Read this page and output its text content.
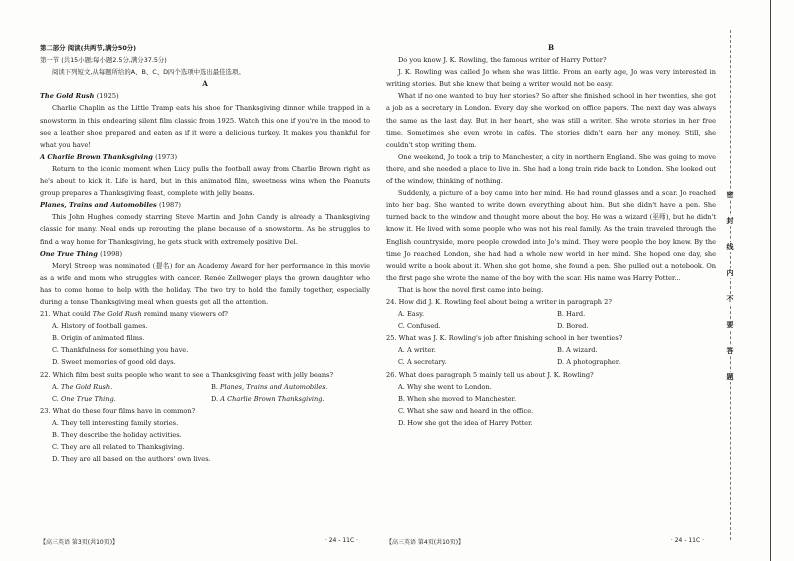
第二部分 阅读(共两节,满分50分)
第一节 (共15小题;每小题2.5分,满分37.5分)
阅读下列短文,从每题所给的A、B、C、D四个选项中选出最佳选项。
A
The Gold Rush (1925)
Charlie Chaplin as the Little Tramp eats his shoe for Thanksgiving dinner while trapped in a snowstorm in this endearing silent film classic from 1925. Watch this one if you're in the mood to see a leather shoe prepared and eaten as if it were a delicious turkey. It makes you thankful for what you have!
A Charlie Brown Thanksgiving (1973)
Return to the iconic moment when Lucy pulls the football away from Charlie Brown right as he's about to kick it. Life is hard, but in this animated film, sweetness wins when the Peanuts group prepares a Thanksgiving feast, complete with jelly beans.
Planes, Trains and Automobiles (1987)
This John Hughes comedy starring Steve Martin and John Candy is already a Thanksgiving classic for many. Neal ends up rerouting the plane because of a snowstorm. As he struggles to find a way home for Thanksgiving, he gets stuck with extremely positive Del.
One True Thing (1998)
Meryl Streep was nominated (提名) for an Academy Award for her performance in this movie as a wife and mom who struggles with cancer. Renée Zellweger plays the grown daughter who has to come home to help with the holiday. The two try to hold the family together, especially during a tense Thanksgiving meal when guests get all the attention.
21. What could The Gold Rush remind many viewers of?
A. History of football games.
B. Origin of animated films.
C. Thankfulness for something you have.
D. Sweet memories of good old days.
22. Which film best suits people who want to see a Thanksgiving feast with jelly beans?
A. The Gold Rush.	B. Planes, Trains and Automobiles.
C. One True Thing.	D. A Charlie Brown Thanksgiving.
23. What do these four films have in common?
A. They tell interesting family stories.
B. They describe the holiday activities.
C. They are all related to Thanksgiving.
D. They are all based on the authors' own lives.
B
Do you know J. K. Rowling, the famous writer of Harry Potter?
J. K. Rowling was called Jo when she was little. From an early age, Jo was very interested in writing stories. But she knew that being a writer would not be easy.
What if no one wanted to buy her stories? So after she finished school in her twenties, she got a job as a secretary in London. Every day she worked on office papers. The next day was always the same as the last day. But in her heart, she was still a writer. She wrote stories in her free time. Sometimes she even wrote in cafés. The stories didn't earn her any money. Still, she couldn't stop writing them.
One weekend, Jo took a trip to Manchester, a city in northern England. She was going to move there, and she needed a place to live in. She had a long train ride back to London. She looked out of the window, thinking of nothing.
Suddenly, a picture of a boy came into her mind. He had round glasses and a scar. Jo reached into her bag. She wanted to write down everything about him. But she didn't have a pen. She turned back to the window and thought more about the boy. He was a wizard (巫师), but he didn't know it. He lived with some people who was not his real family. As the train traveled through the English countryside, more people crowded into Jo's mind. They were people the boy knew. By the time Jo reached London, she had had a whole new world in her mind. She hoped one day, she would write a book about it. When she got home, she found a pen. She pulled out a notebook. On the first page she wrote the name of the boy with the scar. His name was Harry Potter...
That is how the novel first came into being.
24. How did J. K. Rowling feel about being a writer in paragraph 2?
A. Easy.	B. Hard.
C. Confused.	D. Bored.
25. What was J. K. Rowling's job after finishing school in her twenties?
A. A writer.	B. A wizard.
C. A secretary.	D. A photographer.
26. What does paragraph 5 mainly tell us about J. K. Rowling?
A. Why she went to London.
B. When she moved to Manchester.
C. What she saw and heard in the office.
D. How she got the idea of Harry Potter.
【高三英语 第3页(共10页)】	· 24 - 11C ·	【高三英语 第4页(共10页)】	· 24 - 11C ·
密
封
线
内
不
要
答
题
